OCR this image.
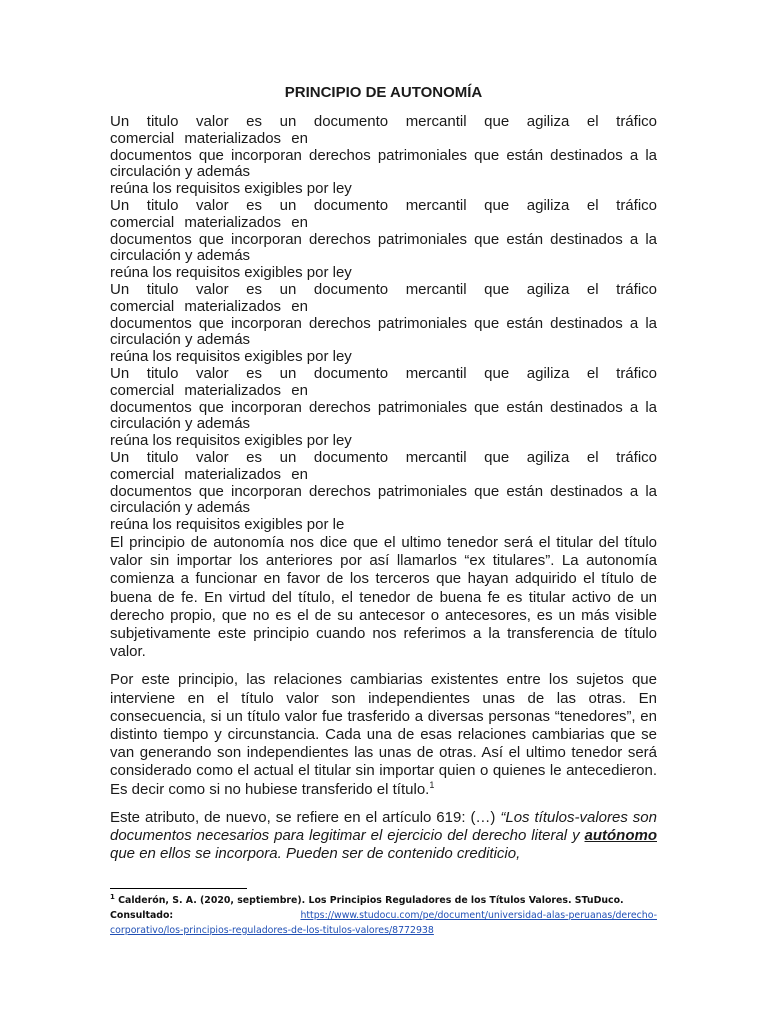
PRINCIPIO DE AUTONOMÍA
Un titulo valor es un documento mercantil que agiliza el tráfico
comercial materializados en
documentos que incorporan derechos patrimoniales que están destinados a la
circulación y además
reúna los requisitos exigibles por ley
Un titulo valor es un documento mercantil que agiliza el tráfico
comercial materializados en
documentos que incorporan derechos patrimoniales que están destinados a la
circulación y además
reúna los requisitos exigibles por ley
Un titulo valor es un documento mercantil que agiliza el tráfico
comercial materializados en
documentos que incorporan derechos patrimoniales que están destinados a la
circulación y además
reúna los requisitos exigibles por ley
Un titulo valor es un documento mercantil que agiliza el tráfico
comercial materializados en
documentos que incorporan derechos patrimoniales que están destinados a la
circulación y además
reúna los requisitos exigibles por ley
Un titulo valor es un documento mercantil que agiliza el tráfico
comercial materializados en
documentos que incorporan derechos patrimoniales que están destinados a la
circulación y además
reúna los requisitos exigibles por le

El principio de autonomía nos dice que el ultimo tenedor será el titular del título valor sin importar los anteriores por así llamarlos “ex titulares”. La autonomía comienza a funcionar en favor de los terceros que hayan adquirido el título de buena de fe. En virtud del título, el tenedor de buena fe es titular activo de un derecho propio, que no es el de su antecesor o antecesores, es un más visible subjetivamente este principio cuando nos referimos a la transferencia de título valor.

Por este principio, las relaciones cambiarias existentes entre los sujetos que interviene en el título valor son independientes unas de las otras. En consecuencia, si un título valor fue trasferido a diversas personas “tenedores”, en distinto tiempo y circunstancia. Cada una de esas relaciones cambiarias que se van generando son independientes las unas de otras. Así el ultimo tenedor será considerado como el actual el titular sin importar quien o quienes le antecedieron. Es decir como si no hubiese transferido el título.$^1$

Este atributo, de nuevo, se refiere en el artículo 619: (…) “Los títulos-valores son documentos necesarios para legitimar el ejercicio del derecho literal y autónomo que en ellos se incorpora. Pueden ser de contenido crediticio,

$^1$ Calderón, S. A. (2020, septiembre). Los Principios Reguladores de los Títulos Valores. STuDuco.
Consultado:	https://www.studocu.com/pe/document/universidad-alas-peruanas/derecho-
corporativo/los-principios-reguladores-de-los-titulos-valores/8772938
